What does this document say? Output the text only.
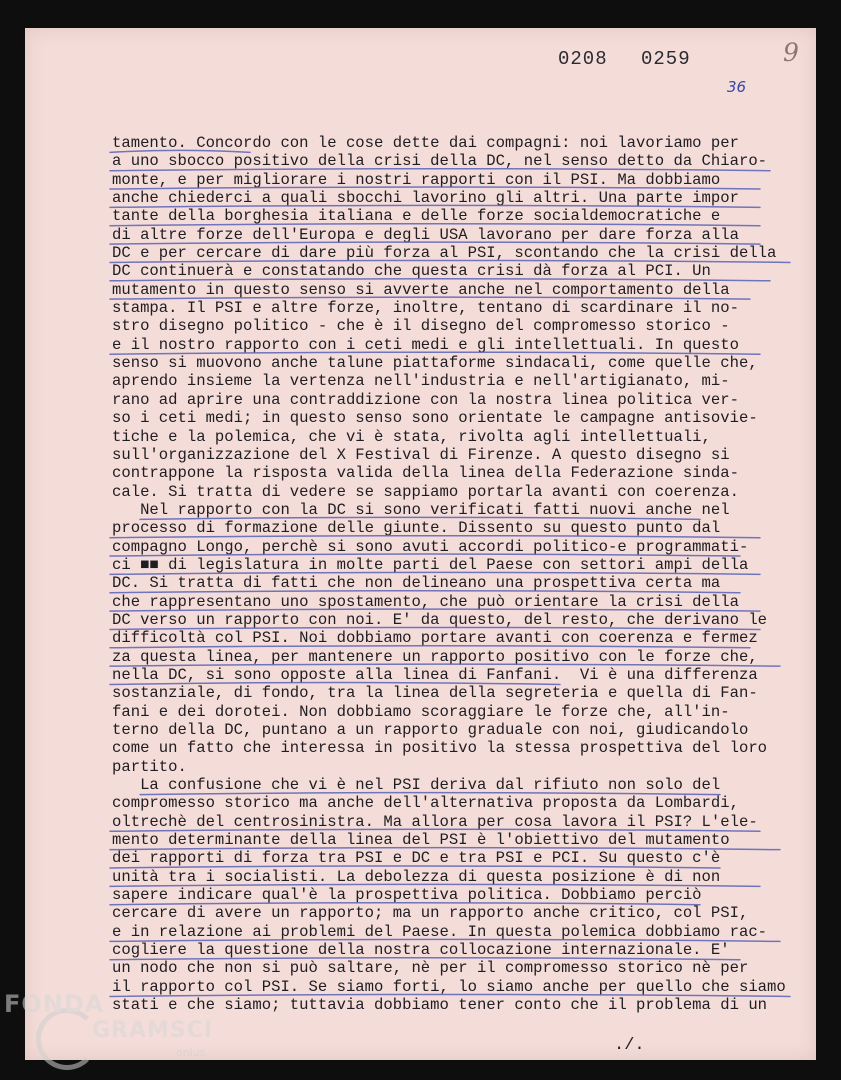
0208 0259	9
36
tamento. Concordo con le cose dette dai compagni: noi lavoriamo per
a uno sbocco positivo della crisi della DC, nel senso detto da Chiaro-
monte, e per migliorare i nostri rapporti con il PSI. Ma dobbiamo
anche chiederci a quali sbocchi lavorino gli altri. Una parte impor
tante della borghesia italiana e delle forze socialdemocratiche e
di altre forze dell'Europa e degli USA lavorano per dare forza alla
DC e per cercare di dare più forza al PSI, scontando che la crisi della
DC continuerà e constatando che questa crisi dà forza al PCI. Un
mutamento in questo senso si avverte anche nel comportamento della
stampa. Il PSI e altre forze, inoltre, tentano di scardinare il no-
stro disegno politico - che è il disegno del compromesso storico -
e il nostro rapporto con i ceti medi e gli intellettuali. In questo
senso si muovono anche talune piattaforme sindacali, come quelle che,
aprendo insieme la vertenza nell'industria e nell'artigianato, mi-
rano ad aprire una contraddizione con la nostra linea politica ver-
so i ceti medi; in questo senso sono orientate le campagne antisovie-
tiche e la polemica, che vi è stata, rivolta agli intellettuali,
sull'organizzazione del X Festival di Firenze. A questo disegno si
contrappone la risposta valida della linea della Federazione sinda-
cale. Si tratta di vedere se sappiamo portarla avanti con coerenza.
Nel rapporto con la DC si sono verificati fatti nuovi anche nel
processo di formazione delle giunte. Dissento su questo punto dal
compagno Longo, perchè si sono avuti accordi politico-e programmati-
ci ■■ di legislatura in molte parti del Paese con settori ampi della
DC. Si tratta di fatti che non delineano una prospettiva certa ma
che rappresentano uno spostamento, che può orientare la crisi della
DC verso un rapporto con noi. E' da questo, del resto, che derivano le
difficoltà col PSI. Noi dobbiamo portare avanti con coerenza e fermez
za questa linea, per mantenere un rapporto positivo con le forze che,
nella DC, si sono opposte alla linea di Fanfani.  Vi è una differenza
sostanziale, di fondo, tra la linea della segreteria e quella di Fan-
fani e dei dorotei. Non dobbiamo scoraggiare le forze che, all'in-
terno della DC, puntano a un rapporto graduale con noi, giudicandolo
come un fatto che interessa in positivo la stessa prospettiva del loro
partito.
La confusione che vi è nel PSI deriva dal rifiuto non solo del
compromesso storico ma anche dell'alternativa proposta da Lombardi,
oltrechè del centrosinistra. Ma allora per cosa lavora il PSI? L'ele-
mento determinante della linea del PSI è l'obiettivo del mutamento
dei rapporti di forza tra PSI e DC e tra PSI e PCI. Su questo c'è
unità tra i socialisti. La debolezza di questa posizione è di non
sapere indicare qual'è la prospettiva politica. Dobbiamo perciò
cercare di avere un rapporto; ma un rapporto anche critico, col PSI,
e in relazione ai problemi del Paese. In questa polemica dobbiamo rac-
cogliere la questione della nostra collocazione internazionale. E'
un nodo che non si può saltare, nè per il compromesso storico nè per
il rapporto col PSI. Se siamo forti, lo siamo anche per quello che siamo
stati e che siamo; tuttavia dobbiamo tener conto che il problema di un
./.
FONDA
GRAMSCI
onlus
